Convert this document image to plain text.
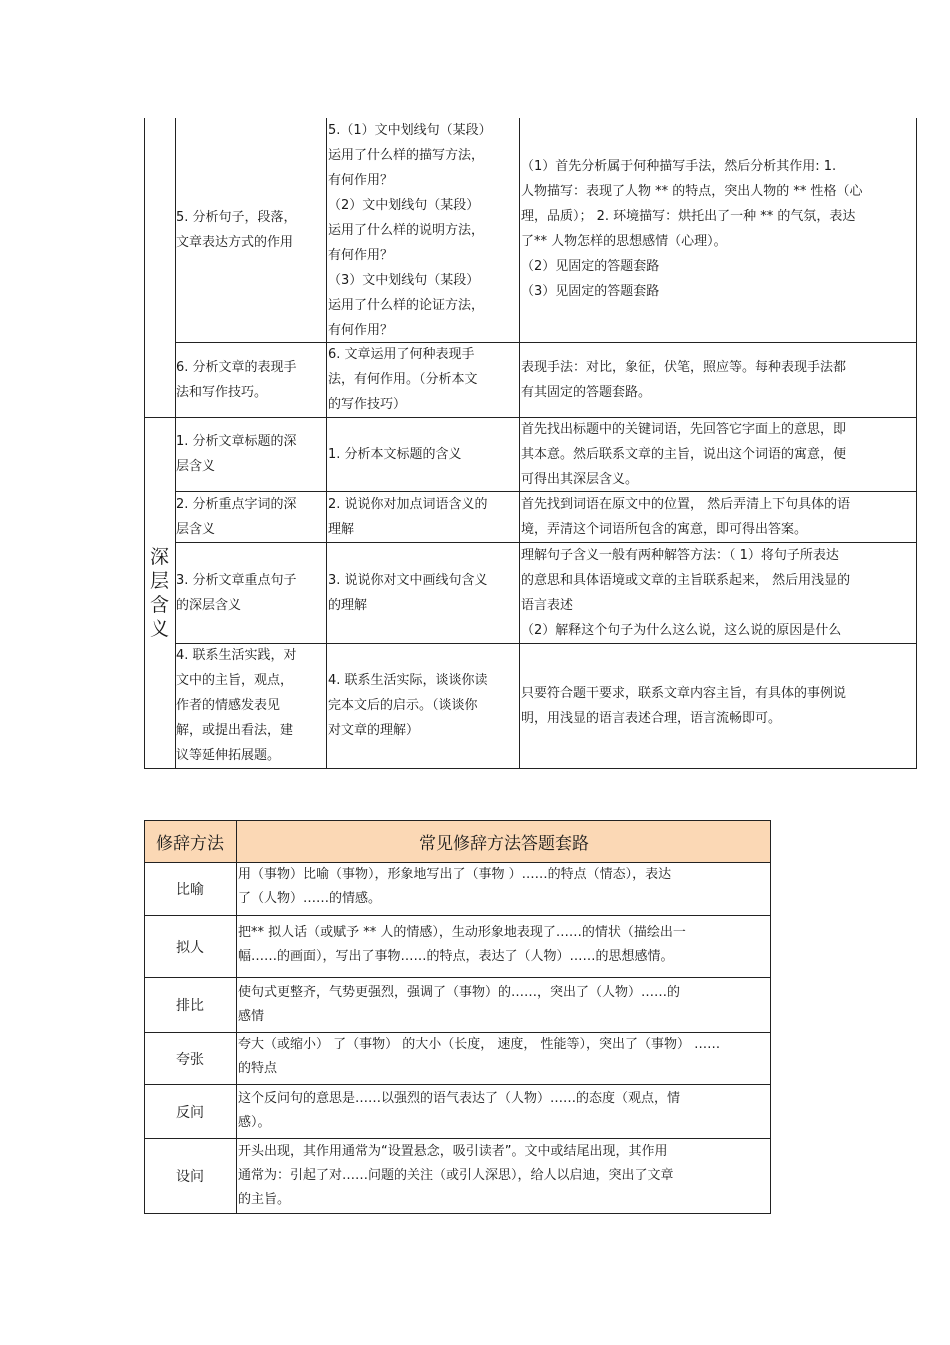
5. 分析句子，段落，
文章表达方式的作用
5.（1）文中划线句（某段）
运用了什么样的描写方法，
有何作用？
（2）文中划线句（某段）
运用了什么样的说明方法，
有何作用？
（3）文中划线句（某段）
运用了什么样的论证方法，
有何作用？
（1）首先分析属于何种描写手法，然后分析其作用: 1.
人物描写：表现了人物 ** 的特点，突出人物的 ** 性格（心
理，品质）； 2. 环境描写：烘托出了一种 ** 的气氛，表达
了** 人物怎样的思想感情（心理）。
（2）见固定的答题套路
（3）见固定的答题套路
6. 分析文章的表现手
法和写作技巧。
6. 文章运用了何种表现手
法，有何作用。（分析本文
的写作技巧）
表现手法：对比，象征，伏笔，照应等。每种表现手法都
有其固定的答题套路。
深层含义
1. 分析文章标题的深
层含义
1. 分析本文标题的含义
首先找出标题中的关键词语，先回答它字面上的意思，即
其本意。然后联系文章的主旨，说出这个词语的寓意，便
可得出其深层含义。
2. 分析重点字词的深
层含义
2. 说说你对加点词语含义的
理解
首先找到词语在原文中的位置， 然后弄清上下句具体的语
境，弄清这个词语所包含的寓意，即可得出答案。
3. 分析文章重点句子
的深层含义
3. 说说你对文中画线句含义
的理解
理解句子含义一般有两种解答方法：（ 1）将句子所表达
的意思和具体语境或文章的主旨联系起来， 然后用浅显的
语言表述
（2）解释这个句子为什么这么说，这么说的原因是什么
4. 联系生活实践，对
文中的主旨，观点，
作者的情感发表见
解，或提出看法，建
议等延伸拓展题。
4. 联系生活实际，谈谈你读
完本文后的启示。（谈谈你
对文章的理解）
只要符合题干要求，联系文章内容主旨，有具体的事例说
明，用浅显的语言表述合理，语言流畅即可。
修辞方法	常见修辞方法答题套路
比喻
用（事物）比喻（事物），形象地写出了（事物 ）……的特点（情态），表达
了（人物）……的情感。
拟人
把** 拟人话（或赋予 ** 人的情感），生动形象地表现了……的情状（描绘出一
幅……的画面），写出了事物……的特点，表达了（人物）……的思想感情。
排比
使句式更整齐，气势更强烈，强调了（事物）的……，突出了（人物）……的
感情
夸张
夸大（或缩小） 了（事物） 的大小（长度， 速度， 性能等），突出了（事物） ……
的特点
反问
这个反问句的意思是……以强烈的语气表达了（人物）……的态度（观点，情
感）。
设问
开头出现，其作用通常为“设置悬念，吸引读者”。文中或结尾出现，其作用
通常为：引起了对……问题的关注（或引人深思），给人以启迪，突出了文章
的主旨。
